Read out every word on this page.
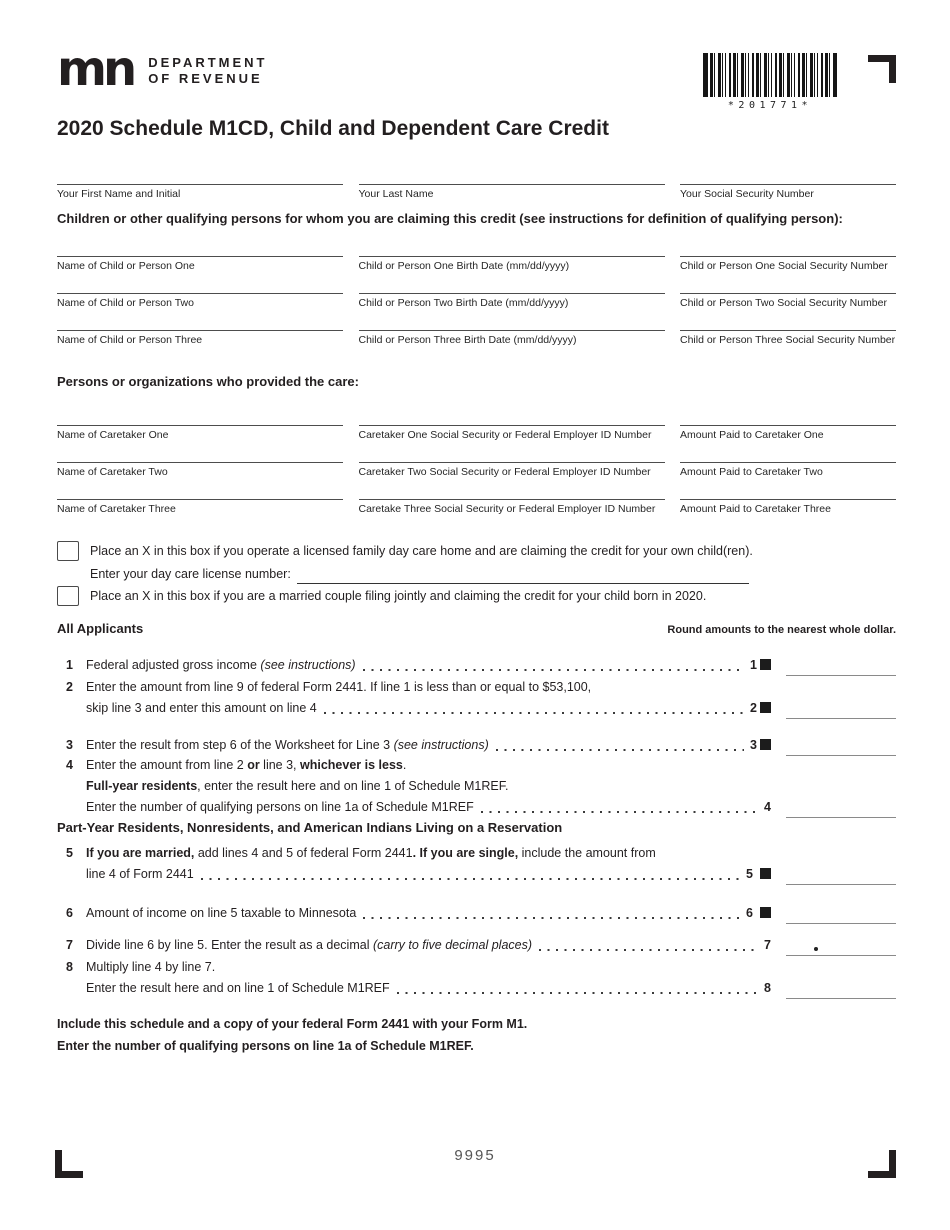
mn DEPARTMENT
OF REVENUE
*201771*
2020 Schedule M1CD, Child and Dependent Care Credit
Your First Name and Initial	Your Last Name	Your Social Security Number
Children or other qualifying persons for whom you are claiming this credit (see instructions for definition of qualifying person):
Name of Child or Person One	Child or Person One Birth Date (mm/dd/yyyy)	Child or Person One Social Security Number
Name of Child or Person Two	Child or Person Two Birth Date (mm/dd/yyyy)	Child or Person Two Social Security Number
Name of Child or Person Three	Child or Person Three Birth Date (mm/dd/yyyy)	Child or Person Three Social Security Number
Persons or organizations who provided the care:
Name of Caretaker One	Caretaker One Social Security or Federal Employer ID Number	Amount Paid to Caretaker One
Name of Caretaker Two	Caretaker Two Social Security or Federal Employer ID Number	Amount Paid to Caretaker Two
Name of Caretaker Three	Caretake Three Social Security or Federal Employer ID Number	Amount Paid to Caretaker Three
Place an X in this box if you operate a licensed family day care home and are claiming the credit for your own child(ren).
Enter your day care license number:
Place an X in this box if you are a married couple filing jointly and claiming the credit for your child born in 2020.
All Applicants	Round amounts to the nearest whole dollar.
1 Federal adjusted gross income (see instructions)	1
2 Enter the amount from line 9 of federal Form 2441. If line 1 is less than or equal to $53,100,
skip line 3 and enter this amount on line 4	2
3 Enter the result from step 6 of the Worksheet for Line 3 (see instructions)	3
4 Enter the amount from line 2 or line 3, whichever is less.
Full-year residents, enter the result here and on line 1 of Schedule M1REF.
Enter the number of qualifying persons on line 1a of Schedule M1REF	4
Part-Year Residents, Nonresidents, and American Indians Living on a Reservation
5 If you are married, add lines 4 and 5 of federal Form 2441. If you are single, include the amount from
line 4 of Form 2441	5
6 Amount of income on line 5 taxable to Minnesota	6
7 Divide line 6 by line 5. Enter the result as a decimal (carry to five decimal places)	7
8 Multiply line 4 by line 7.
Enter the result here and on line 1 of Schedule M1REF	8
Include this schedule and a copy of your federal Form 2441 with your Form M1.
Enter the number of qualifying persons on line 1a of Schedule M1REF.
9995
